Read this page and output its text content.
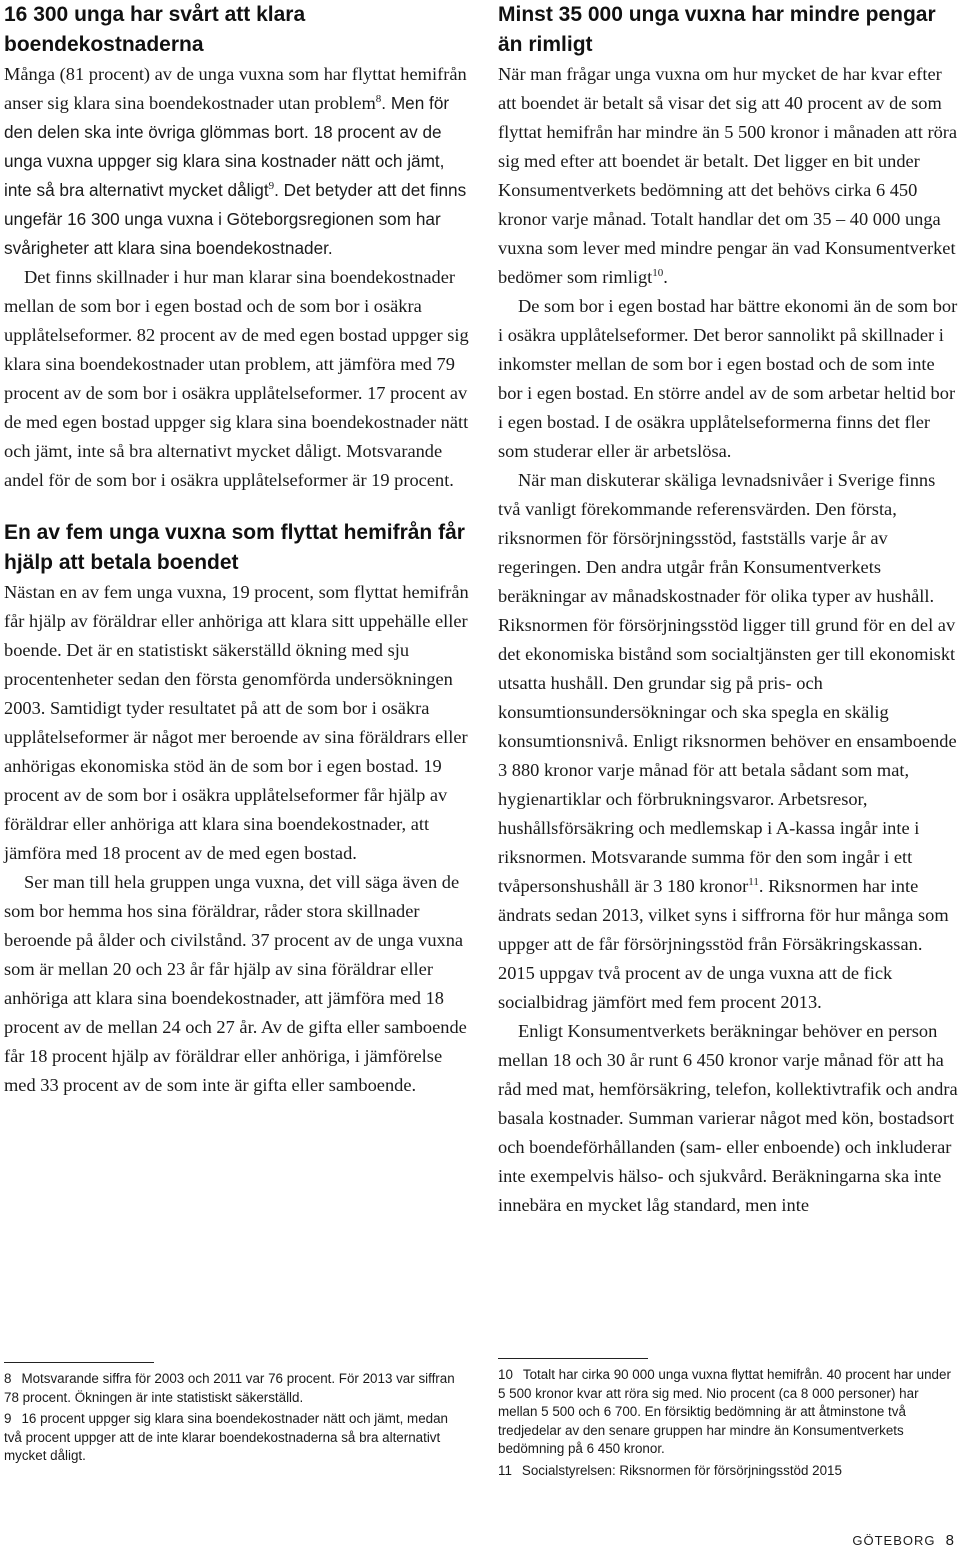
16 300 unga har svårt att klara boendekostnaderna

Många (81 procent) av de unga vuxna som har flyttat hemifrån anser sig klara sina boendekostnader utan problem$^8$. Men för den delen ska inte övriga glömmas bort. 18 procent av de unga vuxna uppger sig klara sina kostnader nätt och jämt, inte så bra alternativt mycket dåligt$^9$. Det betyder att det finns ungefär 16 300 unga vuxna i Göteborgsregionen som har svårigheter att klara sina boendekostnader.

Det finns skillnader i hur man klarar sina boendekostnader mellan de som bor i egen bostad och de som bor i osäkra upplåtelseformer. 82 procent av de med egen bostad uppger sig klara sina boendekostnader utan problem, att jämföra med 79 procent av de som bor i osäkra upplåtelseformer. 17 procent av de med egen bostad uppger sig klara sina boendekostnader nätt och jämt, inte så bra alternativt mycket dåligt. Motsvarande andel för de som bor i osäkra upplåtelseformer är 19 procent.

En av fem unga vuxna som flyttat hemifrån får hjälp att betala boendet

Nästan en av fem unga vuxna, 19 procent, som flyttat hemifrån får hjälp av föräldrar eller anhöriga att klara sitt uppehälle eller boende. Det är en statistiskt säkerställd ökning med sju procentenheter sedan den första genomförda undersökningen 2003. Samtidigt tyder resultatet på att de som bor i osäkra upplåtelseformer är något mer beroende av sina föräldrars eller anhörigas ekonomiska stöd än de som bor i egen bostad. 19 procent av de som bor i osäkra upplåtelseformer får hjälp av föräldrar eller anhöriga att klara sina boendekostnader, att jämföra med 18 procent av de med egen bostad.

Ser man till hela gruppen unga vuxna, det vill säga även de som bor hemma hos sina föräldrar, råder stora skillnader beroende på ålder och civilstånd. 37 procent av de unga vuxna som är mellan 20 och 23 år får hjälp av sina föräldrar eller anhöriga att klara sina boendekostnader, att jämföra med 18 procent av de mellan 24 och 27 år. Av de gifta eller samboende får 18 procent hjälp av föräldrar eller anhöriga, i jämförelse med 33 procent av de som inte är gifta eller samboende.

Minst 35 000 unga vuxna har mindre pengar än rimligt

När man frågar unga vuxna om hur mycket de har kvar efter att boendet är betalt så visar det sig att 40 procent av de som flyttat hemifrån har mindre än 5 500 kronor i månaden att röra sig med efter att boendet är betalt. Det ligger en bit under Konsumentverkets bedömning att det behövs cirka 6 450 kronor varje månad. Totalt handlar det om 35 – 40 000 unga vuxna som lever med mindre pengar än vad Konsumentverket bedömer som rimligt$^{10}$.

De som bor i egen bostad har bättre ekonomi än de som bor i osäkra upplåtelseformer. Det beror sannolikt på skillnader i inkomster mellan de som bor i egen bostad och de som inte bor i egen bostad. En större andel av de som arbetar heltid bor i egen bostad. I de osäkra upplåtelseformerna finns det fler som studerar eller är arbetslösa.

När man diskuterar skäliga levnadsnivåer i Sverige finns två vanligt förekommande referensvärden. Den första, riksnormen för försörjningsstöd, fastställs varje år av regeringen. Den andra utgår från Konsumentverkets beräkningar av månadskostnader för olika typer av hushåll. Riksnormen för försörjningsstöd ligger till grund för en del av det ekonomiska bistånd som socialtjänsten ger till ekonomiskt utsatta hushåll. Den grundar sig på pris- och konsumtionsundersökningar och ska spegla en skälig konsumtionsnivå. Enligt riksnormen behöver en ensamboende 3 880 kronor varje månad för att betala sådant som mat, hygienartiklar och förbrukningsvaror. Arbetsresor, hushållsförsäkring och medlemskap i A-kassa ingår inte i riksnormen. Motsvarande summa för den som ingår i ett tvåpersonshushåll är 3 180 kronor$^{11}$. Riksnormen har inte ändrats sedan 2013, vilket syns i siffrorna för hur många som uppger att de får försörjningsstöd från Försäkringskassan. 2015 uppgav två procent av de unga vuxna att de fick socialbidrag jämfört med fem procent 2013.

Enligt Konsumentverkets beräkningar behöver en person mellan 18 och 30 år runt 6 450 kronor varje månad för att ha råd med mat, hemförsäkring, telefon, kollektivtrafik och andra basala kostnader. Summan varierar något med kön, bostadsort och boendeförhållanden (sam- eller enboende) och inkluderar inte exempelvis hälso- och sjukvård. Beräkningarna ska inte innebära en mycket låg standard, men inte

8 Motsvarande siffra för 2003 och 2011 var 76 procent. För 2013 var siffran 78 procent. Ökningen är inte statistiskt säkerställd.

9 16 procent uppger sig klara sina boendekostnader nätt och jämt, medan två procent uppger att de inte klarar boendekostnaderna så bra alternativt mycket dåligt.

10 Totalt har cirka 90 000 unga vuxna flyttat hemifrån. 40 procent har under 5 500 kronor kvar att röra sig med. Nio procent (ca 8 000 personer) har mellan 5 500 och 6 700. En försiktig bedömning är att åtminstone två tredjedelar av den senare gruppen har mindre än Konsumentverkets bedömning på 6 450 kronor.

11 Socialstyrelsen: Riksnormen för försörjningsstöd 2015

GÖTEBORG 8
